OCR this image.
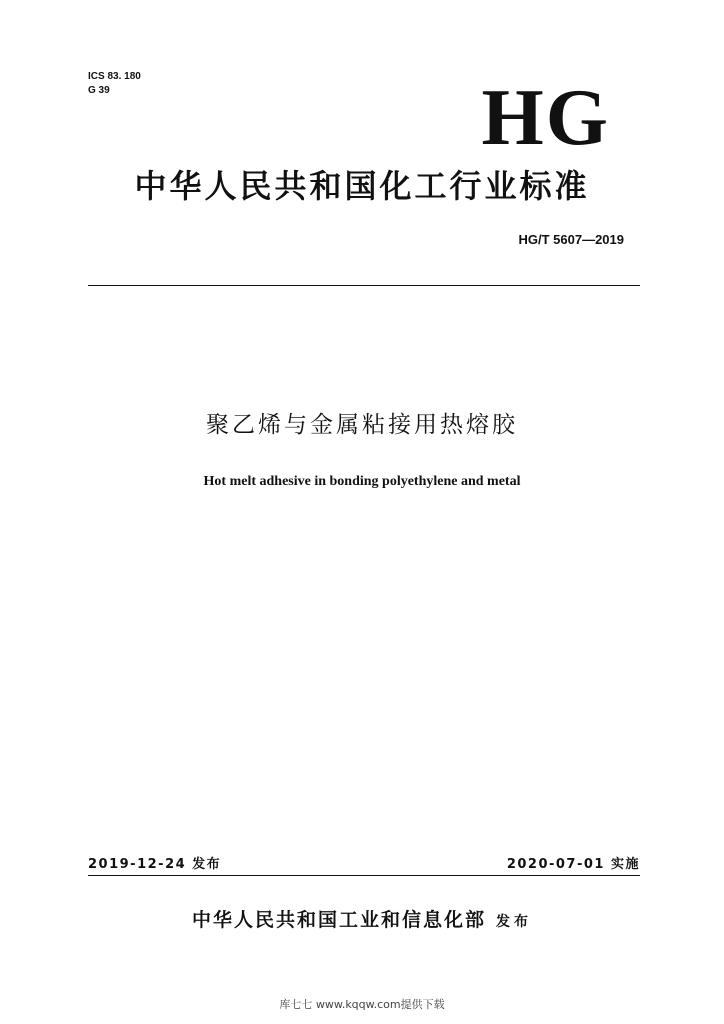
ICS 83. 180
G 39	HG
中华人民共和国化工行业标准
HG/T 5607—2019
聚乙烯与金属粘接用热熔胶
Hot melt adhesive in bonding polyethylene and metal
2019-12-24 发布	2020-07-01 实施
中华人民共和国工业和信息化部 发布
库七七 www.kqqw.com提供下载
